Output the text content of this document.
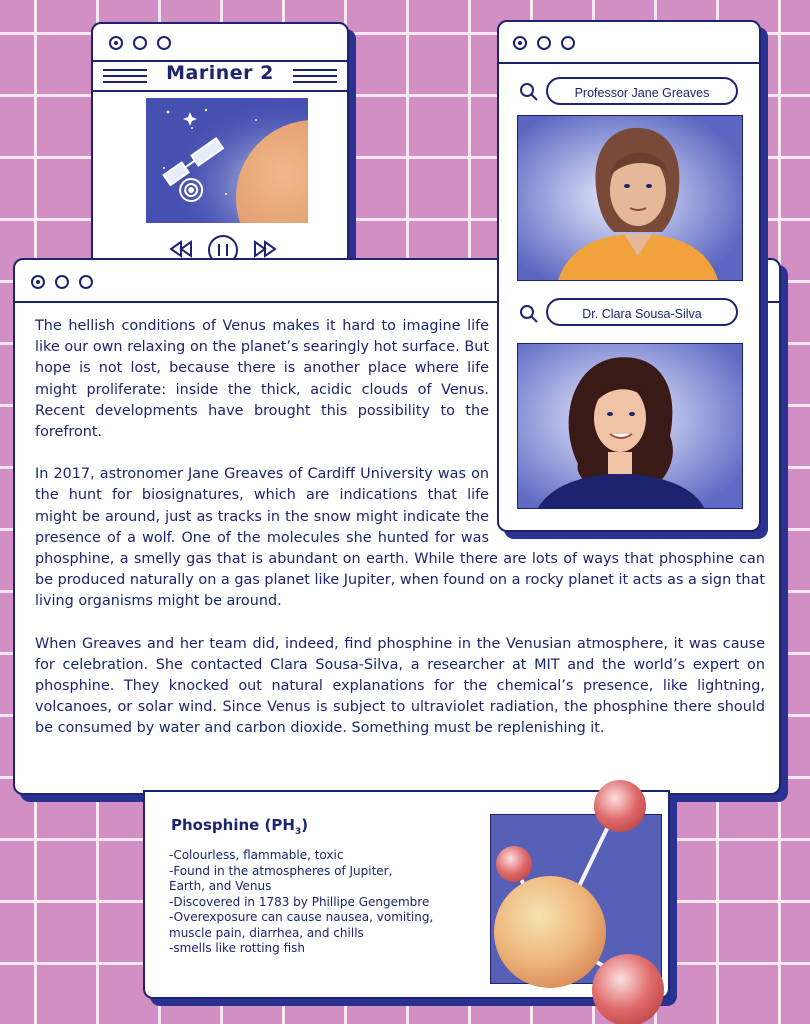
Mariner 2

The hellish conditions of Venus makes it hard to imagine life like our own relaxing on the planet’s searingly hot surface. But hope is not lost, because there is another place where life might proliferate: inside the thick, acidic clouds of Venus. Recent developments have brought this possibility to the forefront.

In 2017, astronomer Jane Greaves of Cardiff University was on the hunt for biosignatures, which are indications that life might be around, just as tracks in the snow might indicate the presence of a wolf. One of the molecules she hunted for was phosphine, a smelly gas that is abundant on earth. While there are lots of ways that phosphine can be produced naturally on a gas planet like Jupiter, when found on a rocky planet it acts as a sign that living organisms might be around.

When Greaves and her team did, indeed, find phosphine in the Venusian atmosphere, it was cause for celebration. She contacted Clara Sousa-Silva, a researcher at MIT and the world’s expert on phosphine. They knocked out natural explanations for the chemical’s presence, like lightning, volcanoes, or solar wind. Since Venus is subject to ultraviolet radiation, the phosphine there should be consumed by water and carbon dioxide. Something must be replenishing it.

Professor Jane Greaves
Dr. Clara Sousa-Silva
Phosphine $(PH_3)$
-Colourless, flammable, toxic
-Found in the atmospheres of Jupiter,
Earth, and Venus
-Discovered in 1783 by Phillipe Gengembre
-Overexposure can cause nausea, vomiting,
muscle pain, diarrhea, and chills
-smells like rotting fish
